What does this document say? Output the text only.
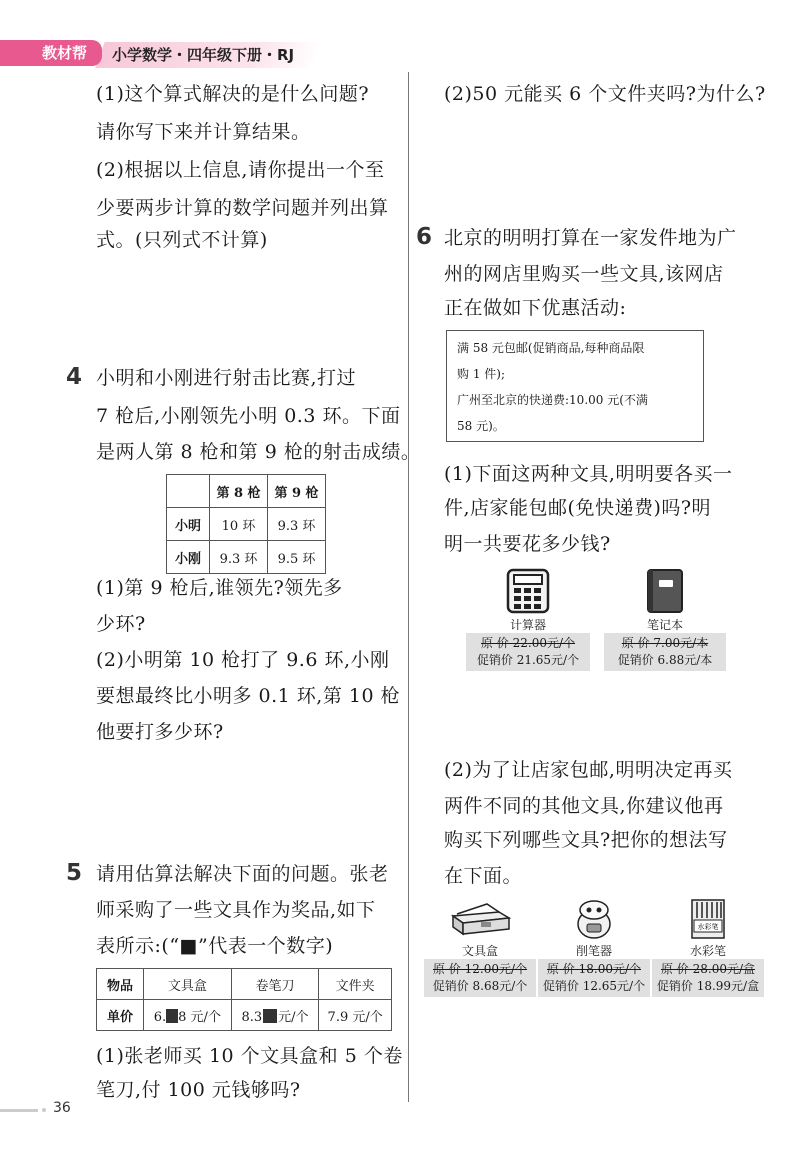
教材帮	小学数学・四年级下册・RJ
(1)这个算式解决的是什么问题?
请你写下来并计算结果。
(2)根据以上信息,请你提出一个至
少要两步计算的数学问题并列出算
式。(只列式不计算)
4 小明和小刚进行射击比赛,打过
7 枪后,小刚领先小明 0.3 环。下面
是两人第 8 枪和第 9 枪的射击成绩。
	第 8 枪	第 9 枪
小明	10 环	9.3 环
小刚	9.3 环	9.5 环
(1)第 9 枪后,谁领先?领先多
少环?
(2)小明第 10 枪打了 9.6 环,小刚
要想最终比小明多 0.1 环,第 10 枪
他要打多少环?
5 请用估算法解决下面的问题。张老
师采购了一些文具作为奖品,如下
表所示:(“■”代表一个数字)
物品	文具盒	卷笔刀	文件夹
单价	6. 8 元/个	8.3 元/个	7.9 元/个
(1)张老师买 10 个文具盒和 5 个卷
笔刀,付 100 元钱够吗?
(2)50 元能买 6 个文件夹吗?为什么?
6 北京的明明打算在一家发件地为广
州的网店里购买一些文具,该网店
正在做如下优惠活动:
满 58 元包邮(促销商品,每种商品限
购 1 件);
广州至北京的快递费:10.00 元(不满
58 元)。
(1)下面这两种文具,明明要各买一
件,店家能包邮(免快递费)吗?明
明一共要花多少钱?
计算器
原 价 22.00元/个
促销价 21.65元/个
笔记本
原 价 7.00元/本
促销价 6.88元/本
(2)为了让店家包邮,明明决定再买
两件不同的其他文具,你建议他再
购买下列哪些文具?把你的想法写
在下面。
文具盒
原 价 12.00元/个
促销价 8.68元/个
削笔器
原 价 18.00元/个
促销价 12.65元/个
水彩笔
水彩笔
原 价 28.00元/盒
促销价 18.99元/盒
36
